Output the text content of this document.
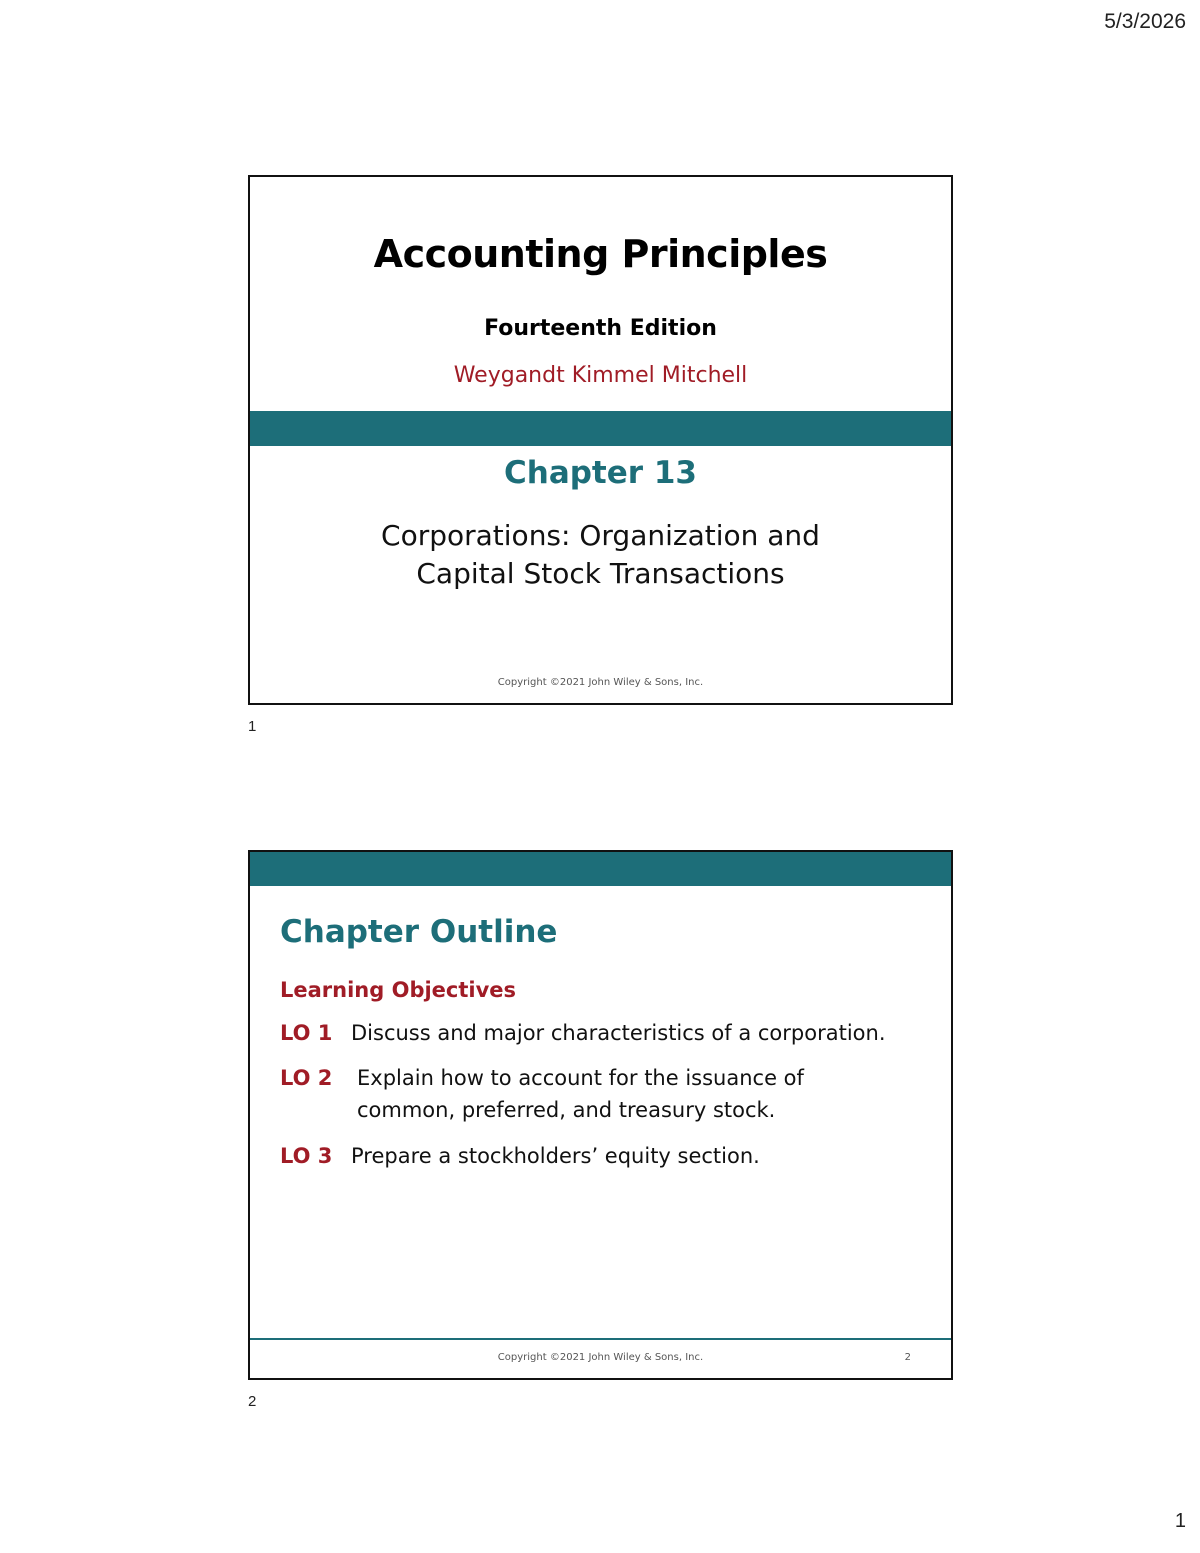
5/3/2026
Accounting Principles
Fourteenth Edition
Weygandt Kimmel Mitchell
Chapter 13
Corporations: Organization and
Capital Stock Transactions
Copyright ©2021 John Wiley & Sons, Inc.
1
Chapter Outline
Learning Objectives
LO 1 Discuss and major characteristics of a corporation.
LO 2 Explain how to account for the issuance of
common, preferred, and treasury stock.
LO 3 Prepare a stockholders’ equity section.
Copyright ©2021 John Wiley & Sons, Inc.	2
2
1
